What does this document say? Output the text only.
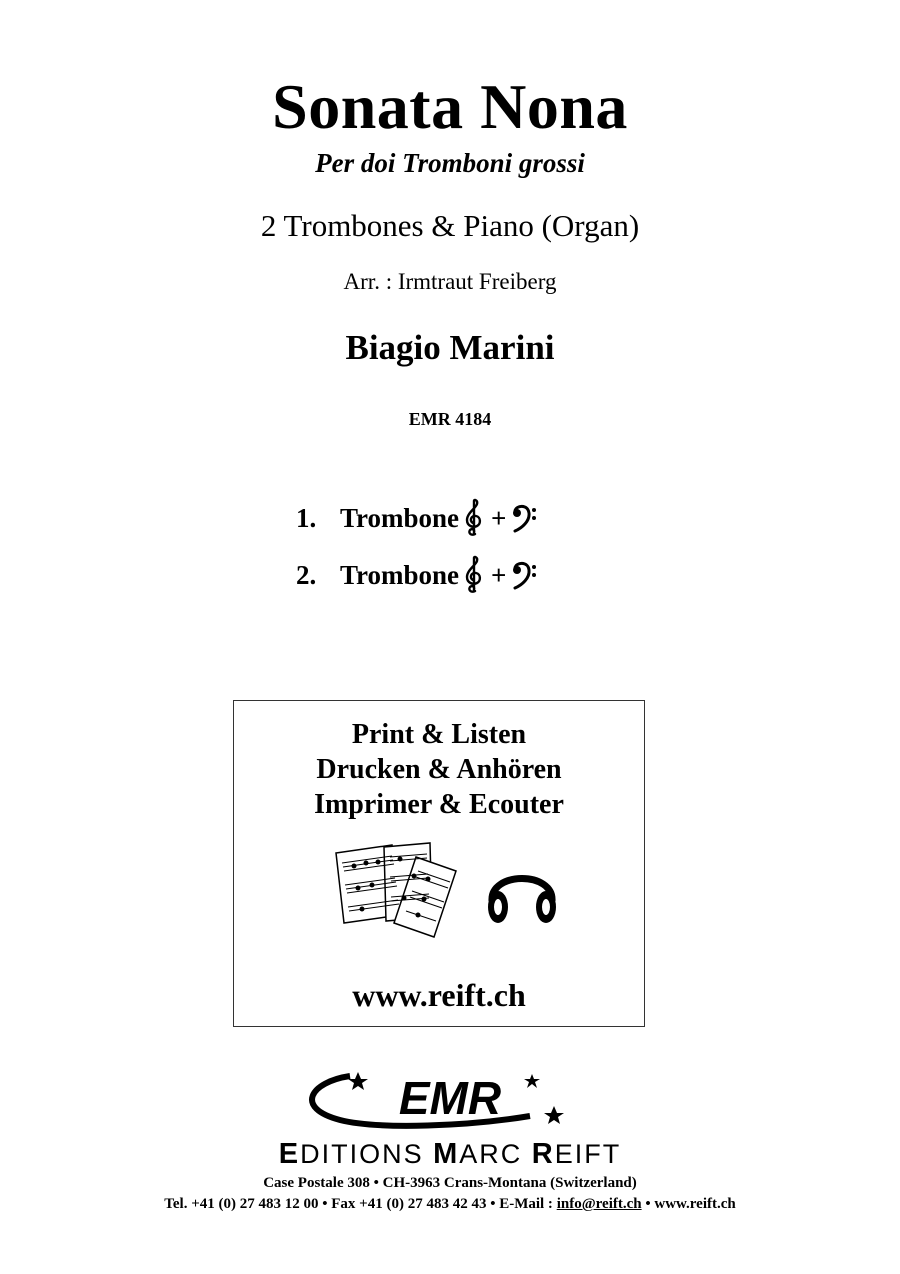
Sonata Nona
Per doi Tromboni grossi
2 Trombones & Piano (Organ)
Arr. : Irmtraut Freiberg
Biagio Marini
EMR 4184
1. Trombone +
2. Trombone +
Print & Listen
Drucken & Anhören
Imprimer & Ecouter
www.reift.ch
EMR
EDITIONS MARC REIFT
Case Postale 308 • CH-3963 Crans-Montana (Switzerland)
Tel. +41 (0) 27 483 12 00 • Fax +41 (0) 27 483 42 43 • E-Mail : info@reift.ch • www.reift.ch
